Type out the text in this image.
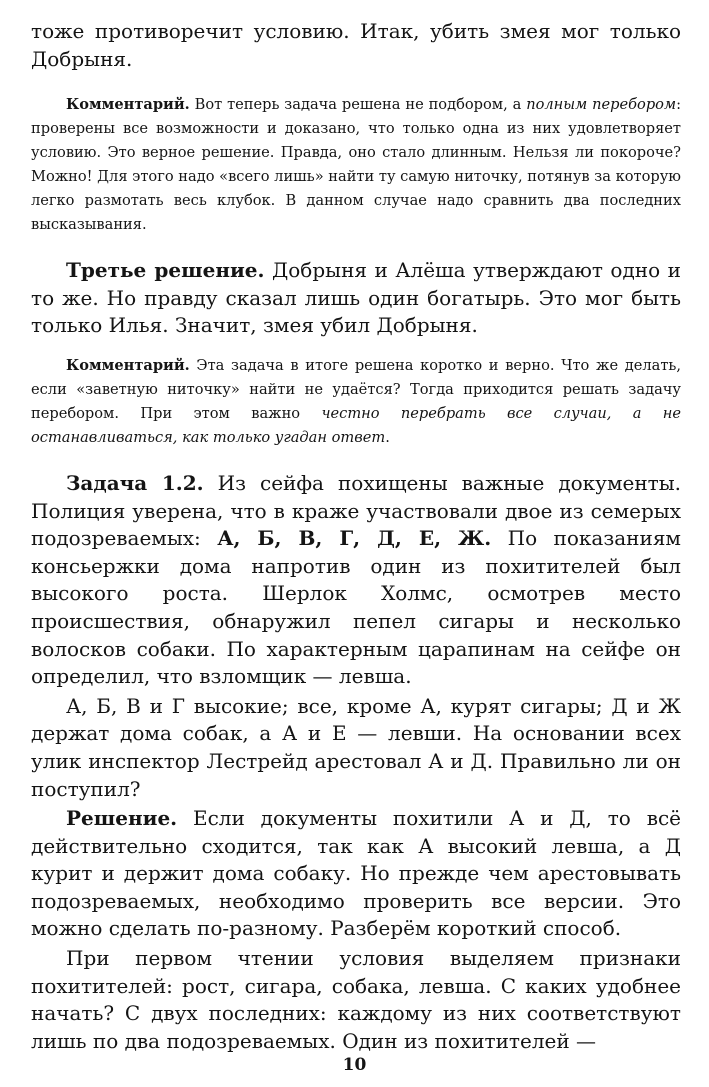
тоже противоречит условию. Итак, убить змея мог только Добрыня.

Комментарий. Вот теперь задача решена не подбором, а полным перебором: проверены все возможности и доказано, что только одна из них удовлетворяет условию. Это верное решение. Правда, оно стало длинным. Нельзя ли покороче? Можно! Для этого надо «всего лишь» найти ту самую ниточку, потянув за которую легко размотать весь клубок. В данном случае надо сравнить два последних высказывания.

Третье решение. Добрыня и Алёша утверждают одно и то же. Но правду сказал лишь один богатырь. Это мог быть только Илья. Значит, змея убил Добрыня.

Комментарий. Эта задача в итоге решена коротко и верно. Что же делать, если «заветную ниточку» найти не удаётся? Тогда приходится решать задачу перебором. При этом важно честно перебрать все случаи, а не останавливаться, как только угадан ответ.

Задача 1.2. Из сейфа похищены важные документы. Полиция уверена, что в краже участвовали двое из семерых подозреваемых: А, Б, В, Г, Д, Е, Ж. По показаниям консьержки дома напротив один из похитителей был высокого роста. Шерлок Холмс, осмотрев место происшествия, обнаружил пепел сигары и несколько волосков собаки. По характерным царапинам на сейфе он определил, что взломщик — левша.

А, Б, В и Г высокие; все, кроме А, курят сигары; Д и Ж держат дома собак, а А и Е — левши. На основании всех улик инспектор Лестрейд арестовал А и Д. Правильно ли он поступил?

Решение. Если документы похитили А и Д, то всё действительно сходится, так как А высокий левша, а Д курит и держит дома собаку. Но прежде чем арестовывать подозреваемых, необходимо проверить все версии. Это можно сделать по-разному. Разберём короткий способ.

При первом чтении условия выделяем признаки похитителей: рост, сигара, собака, левша. С каких удобнее начать? С двух последних: каждому из них соответствуют лишь по два подозреваемых. Один из похитителей —

10
